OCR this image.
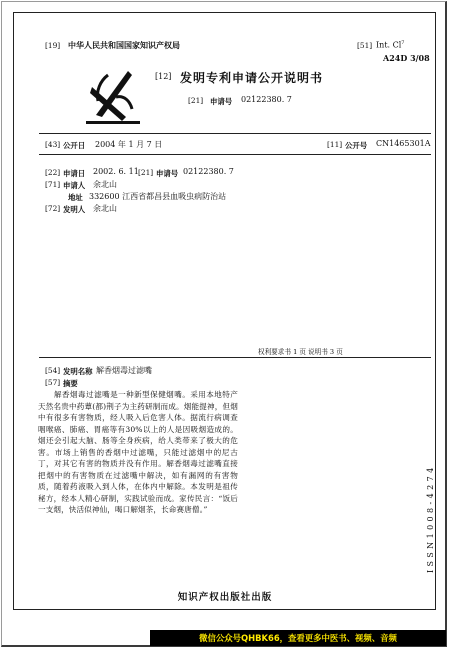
[19] 中华人民共和国国家知识产权局	[51] Int. Cl$^7$
A24D 3/08
[12] 发明专利申请公开说明书
[21] 申请号 02122380. 7
[43] 公开日 2004 年 1 月 7 日	[11] 公开号 CN1465301A
[22] 申请日 2002. 6. 11 [21] 申请号 02122380. 7
[71] 申请人 余北山
地址 332600 江西省都昌县血吸虫病防治站
[72] 发明人 余北山
权利要求书 1 页 说明书 3 页
[54] 发明名称 解香烟毒过滤嘴
[57] 摘要
解香烟毒过滤嘴是一种新型保健烟嘴。采用本地特产天然名贵中药蕈(都)荆子为主药研制而成。烟能提神，但烟中有很多有害物质，经人吸入后危害人体。据流行病调查咽喉癌、肺癌、胃癌等有30%以上的人是因吸烟造成的。烟还会引起大脑、肠等全身疾病，给人类带来了极大的危害。市场上销售的香烟中过滤嘴，只能过滤烟中的尼古丁，对其它有害的物质并没有作用。解香烟毒过滤嘴直接把烟中的有害物质在过滤嘴中解决，如有漏网的有害物质，随着药液吸入到人体，在体内中解除。本发明是祖传秘方，经本人精心研制，实践试验而成。家传民言：“饭后一支烟，快活似神仙，喝口解烟茶，长命赛唐僧。”	ISSN1008-4274
知识产权出版社出版
微信公众号QHBK66，查看更多中医书、视频、音频
